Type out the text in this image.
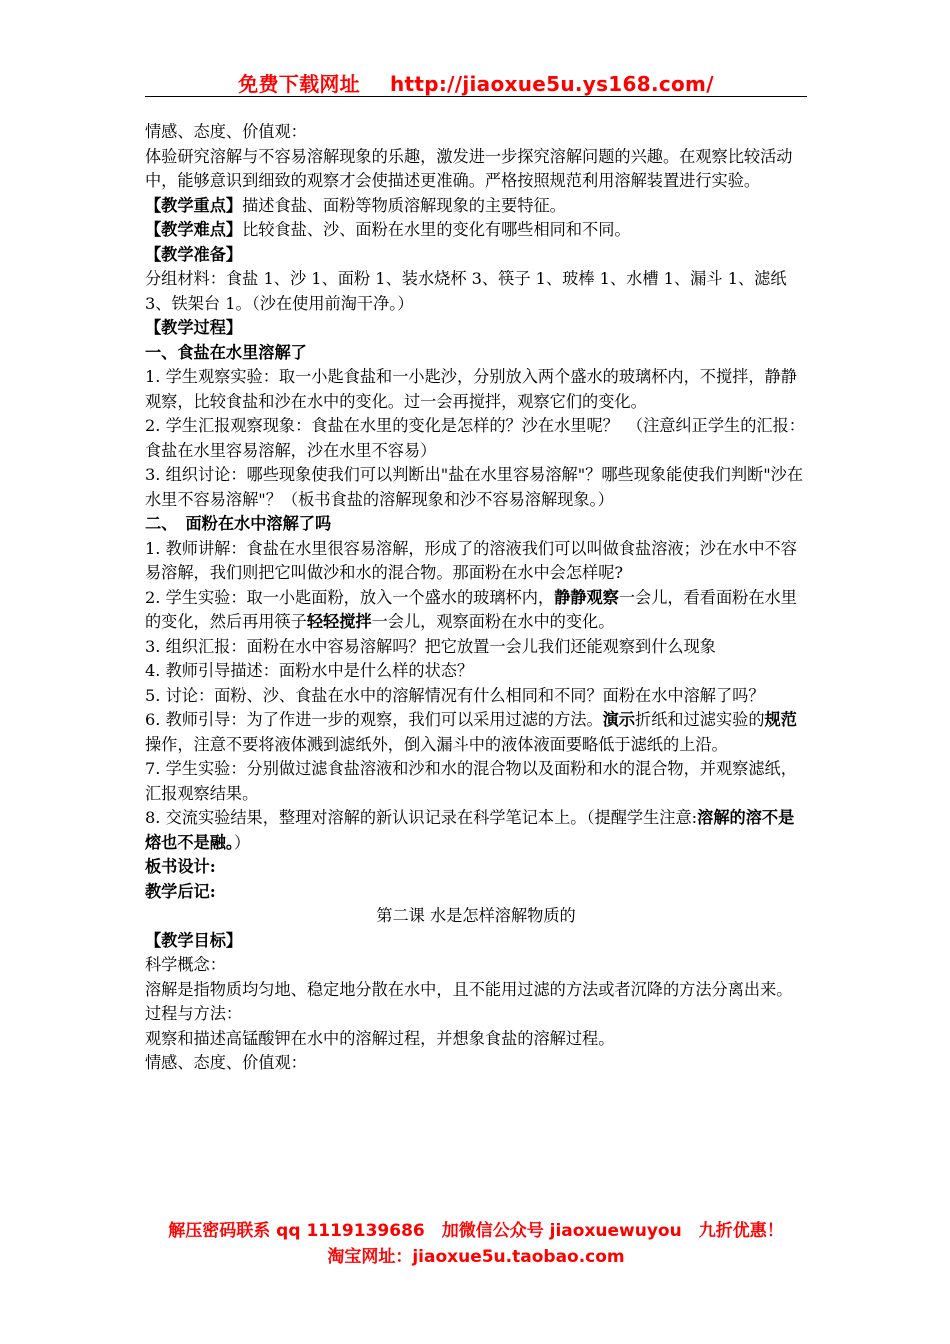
免费下载网址 http://jiaoxue5u.ys168.com/
情感、态度、价值观：
体验研究溶解与不容易溶解现象的乐趣，激发进一步探究溶解问题的兴趣。在观察比较活动中，能够意识到细致的观察才会使描述更准确。严格按照规范利用溶解装置进行实验。
【教学重点】描述食盐、面粉等物质溶解现象的主要特征。
【教学难点】比较食盐、沙、面粉在水里的变化有哪些相同和不同。
【教学准备】
分组材料：食盐 1、沙 1、面粉 1、装水烧杯 3、筷子 1、玻棒 1、水槽 1、漏斗 1、滤纸 3、铁架台 1。（沙在使用前淘干净。）
【教学过程】
一、食盐在水里溶解了
1. 学生观察实验：取一小匙食盐和一小匙沙，分别放入两个盛水的玻璃杯内，不搅拌，静静观察，比较食盐和沙在水中的变化。过一会再搅拌，观察它们的变化。
2. 学生汇报观察现象：食盐在水里的变化是怎样的？沙在水里呢？　（注意纠正学生的汇报：食盐在水里容易溶解，沙在水里不容易）
3. 组织讨论：哪些现象使我们可以判断出"盐在水里容易溶解"？哪些现象能使我们判断"沙在水里不容易溶解"？（板书食盐的溶解现象和沙不容易溶解现象。）
二、　面粉在水中溶解了吗
1. 教师讲解：食盐在水里很容易溶解，形成了的溶液我们可以叫做食盐溶液；沙在水中不容易溶解，我们则把它叫做沙和水的混合物。那面粉在水中会怎样呢?
2. 学生实验：取一小匙面粉，放入一个盛水的玻璃杯内，静静观察一会儿，看看面粉在水里的变化，然后再用筷子轻轻搅拌一会儿，观察面粉在水中的变化。
3. 组织汇报：面粉在水中容易溶解吗？把它放置一会儿我们还能观察到什么现象
4. 教师引导描述：面粉水中是什么样的状态？
5. 讨论：面粉、沙、食盐在水中的溶解情况有什么相同和不同？面粉在水中溶解了吗？
6. 教师引导：为了作进一步的观察，我们可以采用过滤的方法。演示折纸和过滤实验的规范操作，注意不要将液体溅到滤纸外，倒入漏斗中的液体液面要略低于滤纸的上沿。
7. 学生实验：分别做过滤食盐溶液和沙和水的混合物以及面粉和水的混合物，并观察滤纸，汇报观察结果。
8. 交流实验结果，整理对溶解的新认识记录在科学笔记本上。（提醒学生注意:溶解的溶不是熔也不是融。）
板书设计:
教学后记:
第二课 水是怎样溶解物质的
【教学目标】
科学概念：
溶解是指物质均匀地、稳定地分散在水中，且不能用过滤的方法或者沉降的方法分离出来。
过程与方法：
观察和描述高锰酸钾在水中的溶解过程，并想象食盐的溶解过程。
情感、态度、价值观：
解压密码联系 qq 1119139686　加微信公众号 jiaoxuewuyou　九折优惠！
淘宝网址：jiaoxue5u.taobao.com
